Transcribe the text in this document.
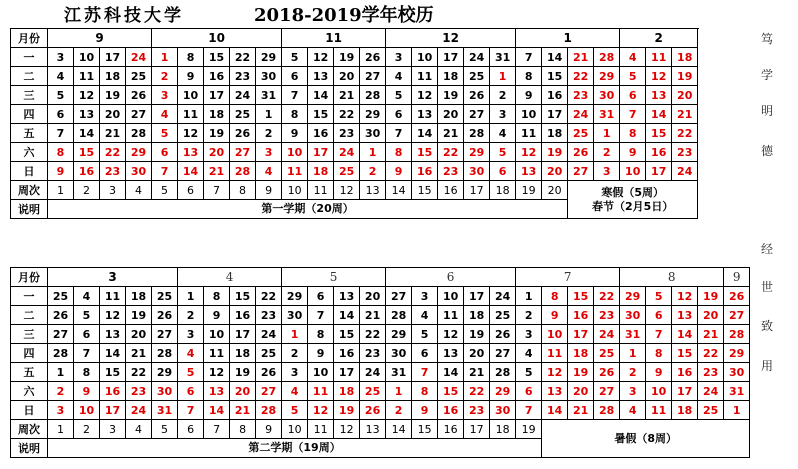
江苏科技大学	2018-2019学年校历
月份	9				10					11				12					1				2		
一	3	10	17	24	1	8	15	22	29	5	12	19	26	3	10	17	24	31	7	14	21	28	4	11	18
二	4	11	18	25	2	9	16	23	30	6	13	20	27	4	11	18	25	1	8	15	22	29	5	12	19
三	5	12	19	26	3	10	17	24	31	7	14	21	28	5	12	19	26	2	9	16	23	30	6	13	20
四	6	13	20	27	4	11	18	25	1	8	15	22	29	6	13	20	27	3	10	17	24	31	7	14	21
五	7	14	21	28	5	12	19	26	2	9	16	23	30	7	14	21	28	4	11	18	25	1	8	15	22
六	8	15	22	29	6	13	20	27	3	10	17	24	1	8	15	22	29	5	12	19	26	2	9	16	23
日	9	16	23	30	7	14	21	28	4	11	18	25	2	9	16	23	30	6	13	20	27	3	10	17	24
周次	1	2	3	4	5	6	7	8	9	10	11	12	13	14	15	16	17	18	19	20	寒假（5周）
春节（2月5日）				

说明	第一学期（20周）																								
月份	3					4				5				6					7				8				9
一	25	4	11	18	25	1	8	15	22	29	6	13	20	27	3	10	17	24	1	8	15	22	29	5	12	19	26
二	26	5	12	19	26	2	9	16	23	30	7	14	21	28	4	11	18	25	2	9	16	23	30	6	13	20	27
三	27	6	13	20	27	3	10	17	24	1	8	15	22	29	5	12	19	26	3	10	17	24	31	7	14	21	28
四	28	7	14	21	28	4	11	18	25	2	9	16	23	30	6	13	20	27	4	11	18	25	1	8	15	22	29
五	1	8	15	22	29	5	12	19	26	3	10	17	24	31	7	14	21	28	5	12	19	26	2	9	16	23	30
六	2	9	16	23	30	6	13	20	27	4	11	18	25	1	8	15	22	29	6	13	20	27	3	10	17	24	31
日	3	10	17	24	31	7	14	21	28	5	12	19	26	2	9	16	23	30	7	14	21	28	4	11	18	25	1
周次	1	2	3	4	5	6	7	8	9	10	11	12	13	14	15	16	17	18	19	暑假（8周）							

说明	第二学期（19周）																										
笃
学
明
德
经
世
致
用
